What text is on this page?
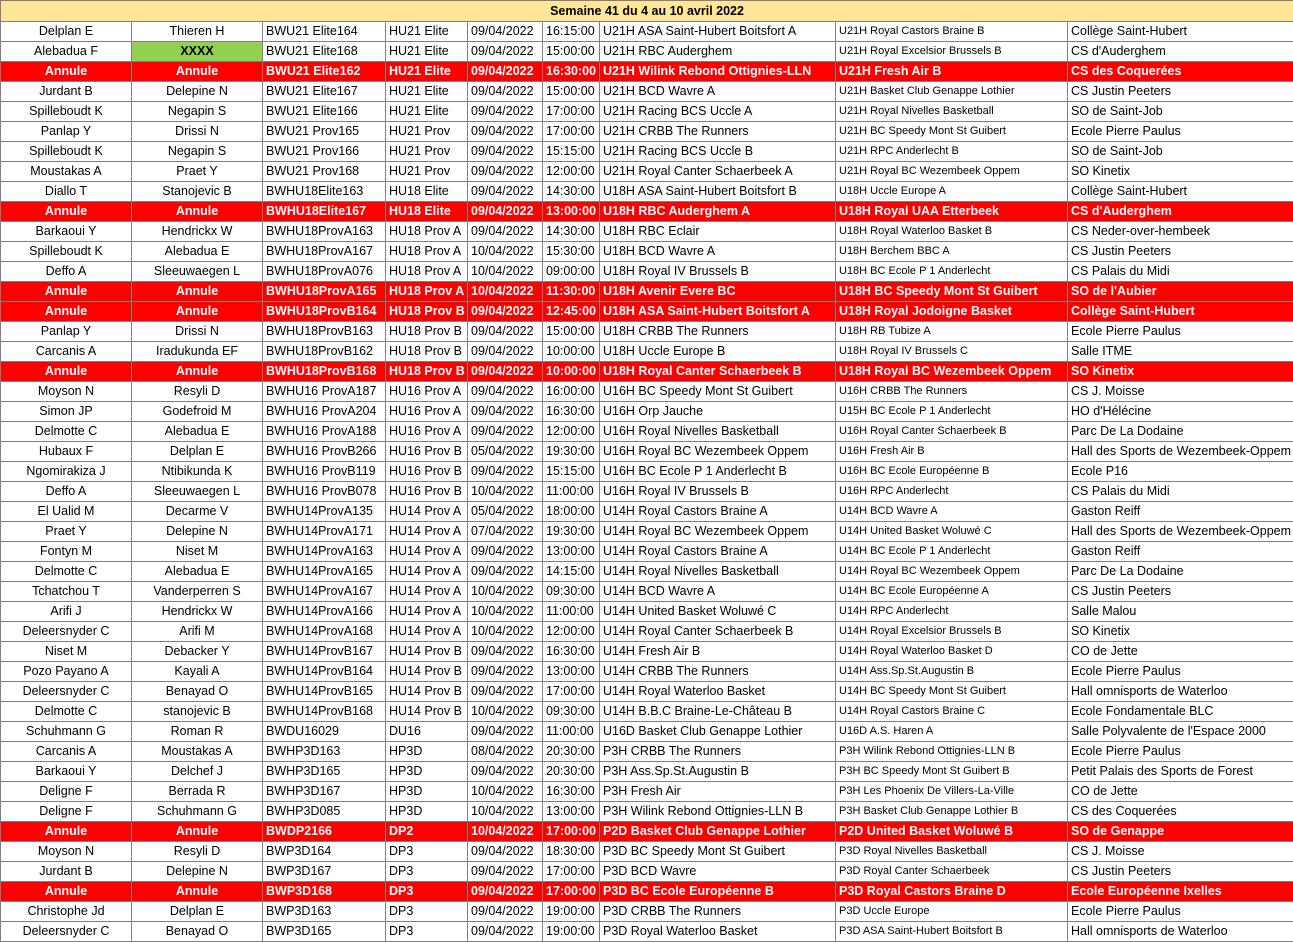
Semaine 41 du 4 au 10 avril 2022								
Delplan E	Thieren H	BWU21 Elite164	HU21 Elite	09/04/2022	16:15:00	U21H ASA Saint-Hubert Boitsfort A	U21H Royal Castors Braine B	Collège Saint-Hubert
Alebadua F	XXXX	BWU21 Elite168	HU21 Elite	09/04/2022	15:00:00	U21H RBC Auderghem	U21H Royal Excelsior Brussels B	CS d'Auderghem
Annule	Annule	BWU21 Elite162	HU21 Elite	09/04/2022	16:30:00	U21H Wilink Rebond Ottignies-LLN	U21H Fresh Air B	CS des Coquerées
Jurdant B	Delepine N	BWU21 Elite167	HU21 Elite	09/04/2022	15:00:00	U21H BCD Wavre A	U21H Basket Club Genappe Lothier	CS Justin Peeters
Spilleboudt K	Negapin S	BWU21 Elite166	HU21 Elite	09/04/2022	17:00:00	U21H Racing BCS Uccle A	U21H Royal Nivelles Basketball	SO de Saint-Job
Panlap Y	Drissi N	BWU21 Prov165	HU21 Prov	09/04/2022	17:00:00	U21H CRBB The Runners	U21H BC Speedy Mont St Guibert	Ecole Pierre Paulus
Spilleboudt K	Negapin S	BWU21 Prov166	HU21 Prov	09/04/2022	15:15:00	U21H Racing BCS Uccle B	U21H RPC Anderlecht B	SO de Saint-Job
Moustakas A	Praet Y	BWU21 Prov168	HU21 Prov	09/04/2022	12:00:00	U21H Royal Canter Schaerbeek A	U21H Royal BC Wezembeek Oppem	SO Kinetix
Diallo T	Stanojevic B	BWHU18Elite163	HU18 Elite	09/04/2022	14:30:00	U18H ASA Saint-Hubert Boitsfort B	U18H Uccle Europe A	Collège Saint-Hubert
Annule	Annule	BWHU18Elite167	HU18 Elite	09/04/2022	13:00:00	U18H RBC Auderghem A	U18H Royal UAA Etterbeek	CS d'Auderghem
Barkaoui Y	Hendrickx W	BWHU18ProvA163	HU18 Prov A	09/04/2022	14:30:00	U18H RBC Eclair	U18H Royal Waterloo Basket B	CS Neder-over-hembeek
Spilleboudt K	Alebadua E	BWHU18ProvA167	HU18 Prov A	10/04/2022	15:30:00	U18H BCD Wavre A	U18H Berchem BBC A	CS Justin Peeters
Deffo A	Sleeuwaegen L	BWHU18ProvA076	HU18 Prov A	10/04/2022	09:00:00	U18H Royal IV Brussels B	U18H BC Ecole P 1 Anderlecht	CS Palais du Midi
Annule	Annule	BWHU18ProvA165	HU18 Prov A	10/04/2022	11:30:00	U18H Avenir Evere BC	U18H BC Speedy Mont St Guibert	SO de l'Aubier
Annule	Annule	BWHU18ProvB164	HU18 Prov B	09/04/2022	12:45:00	U18H ASA Saint-Hubert Boitsfort A	U18H Royal Jodoigne Basket	Collège Saint-Hubert
Panlap Y	Drissi N	BWHU18ProvB163	HU18 Prov B	09/04/2022	15:00:00	U18H CRBB The Runners	U18H RB Tubize A	Ecole Pierre Paulus
Carcanis A	Iradukunda EF	BWHU18ProvB162	HU18 Prov B	09/04/2022	10:00:00	U18H Uccle Europe B	U18H Royal IV Brussels C	Salle ITME
Annule	Annule	BWHU18ProvB168	HU18 Prov B	09/04/2022	10:00:00	U18H Royal Canter Schaerbeek B	U18H Royal BC Wezembeek Oppem	SO Kinetix
Moyson N	Resyli D	BWHU16 ProvA187	HU16 Prov A	09/04/2022	16:00:00	U16H BC Speedy Mont St Guibert	U16H CRBB The Runners	CS J. Moisse
Simon JP	Godefroid M	BWHU16 ProvA204	HU16 Prov A	09/04/2022	16:30:00	U16H Orp Jauche	U15H BC Ecole P 1 Anderlecht	HO d'Hélécine
Delmotte C	Alebadua E	BWHU16 ProvA188	HU16 Prov A	09/04/2022	12:00:00	U16H Royal Nivelles Basketball	U16H Royal Canter Schaerbeek B	Parc De La Dodaine
Hubaux F	Delplan E	BWHU16 ProvB266	HU16 Prov B	05/04/2022	19:30:00	U16H Royal BC Wezembeek Oppem	U16H Fresh Air B	Hall des Sports de Wezembeek-Oppem
Ngomirakiza J	Ntibikunda K	BWHU16 ProvB119	HU16 Prov B	09/04/2022	15:15:00	U16H BC Ecole P 1 Anderlecht B	U16H BC Ecole Européenne B	Ecole P16
Deffo A	Sleeuwaegen L	BWHU16 ProvB078	HU16 Prov B	10/04/2022	11:00:00	U16H Royal IV Brussels B	U16H RPC Anderlecht	CS Palais du Midi
El Ualid M	Decarme V	BWHU14ProvA135	HU14 Prov A	05/04/2022	18:00:00	U14H Royal Castors Braine A	U14H BCD Wavre A	Gaston Reiff
Praet Y	Delepine N	BWHU14ProvA171	HU14 Prov A	07/04/2022	19:30:00	U14H Royal BC Wezembeek Oppem	U14H United Basket Woluwé C	Hall des Sports de Wezembeek-Oppem
Fontyn M	Niset M	BWHU14ProvA163	HU14 Prov A	09/04/2022	13:00:00	U14H Royal Castors Braine A	U14H BC Ecole P 1 Anderlecht	Gaston Reiff
Delmotte C	Alebadua E	BWHU14ProvA165	HU14 Prov A	09/04/2022	14:15:00	U14H Royal Nivelles Basketball	U14H Royal BC Wezembeek Oppem	Parc De La Dodaine
Tchatchou T	Vanderperren S	BWHU14ProvA167	HU14 Prov A	10/04/2022	09:30:00	U14H BCD Wavre A	U14H BC Ecole Européenne A	CS Justin Peeters
Arifi J	Hendrickx W	BWHU14ProvA166	HU14 Prov A	10/04/2022	11:00:00	U14H United Basket Woluwé C	U14H RPC Anderlecht	Salle Malou
Deleersnyder C	Arifi M	BWHU14ProvA168	HU14 Prov A	10/04/2022	12:00:00	U14H Royal Canter Schaerbeek B	U14H Royal Excelsior Brussels B	SO Kinetix
Niset M	Debacker Y	BWHU14ProvB167	HU14 Prov B	09/04/2022	16:30:00	U14H Fresh Air B	U14H Royal Waterloo Basket D	CO de Jette
Pozo Payano A	Kayali A	BWHU14ProvB164	HU14 Prov B	09/04/2022	13:00:00	U14H CRBB The Runners	U14H Ass.Sp.St.Augustin B	Ecole Pierre Paulus
Deleersnyder C	Benayad O	BWHU14ProvB165	HU14 Prov B	09/04/2022	17:00:00	U14H Royal Waterloo Basket	U14H BC Speedy Mont St Guibert	Hall omnisports de Waterloo
Delmotte C	stanojevic B	BWHU14ProvB168	HU14 Prov B	10/04/2022	09:30:00	U14H B.B.C Braine-Le-Château B	U14H Royal Castors Braine C	Ecole Fondamentale BLC
Schuhmann G	Roman R	BWDU16029	DU16	09/04/2022	11:00:00	U16D Basket Club Genappe Lothier	U16D A.S. Haren A	Salle Polyvalente de l'Espace 2000
Carcanis A	Moustakas A	BWHP3D163	HP3D	08/04/2022	20:30:00	P3H CRBB The Runners	P3H Wilink Rebond Ottignies-LLN B	Ecole Pierre Paulus
Barkaoui Y	Delchef J	BWHP3D165	HP3D	09/04/2022	20:30:00	P3H Ass.Sp.St.Augustin B	P3H BC Speedy Mont St Guibert B	Petit Palais des Sports de Forest
Deligne F	Berrada R	BWHP3D167	HP3D	10/04/2022	16:30:00	P3H Fresh Air	P3H Les Phoenix De Villers-La-Ville	CO de Jette
Deligne F	Schuhmann G	BWHP3D085	HP3D	10/04/2022	13:00:00	P3H Wilink Rebond Ottignies-LLN B	P3H Basket Club Genappe Lothier B	CS des Coquerées
Annule	Annule	BWDP2166	DP2	10/04/2022	17:00:00	P2D Basket Club Genappe Lothier	P2D United Basket Woluwé B	SO de Genappe
Moyson N	Resyli D	BWP3D164	DP3	09/04/2022	18:30:00	P3D BC Speedy Mont St Guibert	P3D Royal Nivelles Basketball	CS J. Moisse
Jurdant B	Delepine N	BWP3D167	DP3	09/04/2022	17:00:00	P3D BCD Wavre	P3D Royal Canter Schaerbeek	CS Justin Peeters
Annule	Annule	BWP3D168	DP3	09/04/2022	17:00:00	P3D BC Ecole Européenne B	P3D Royal Castors Braine D	Ecole Européenne Ixelles
Christophe Jd	Delplan E	BWP3D163	DP3	09/04/2022	19:00:00	P3D CRBB The Runners	P3D Uccle Europe	Ecole Pierre Paulus
Deleersnyder C	Benayad O	BWP3D165	DP3	09/04/2022	19:00:00	P3D Royal Waterloo Basket	P3D ASA Saint-Hubert Boitsfort B	Hall omnisports de Waterloo
